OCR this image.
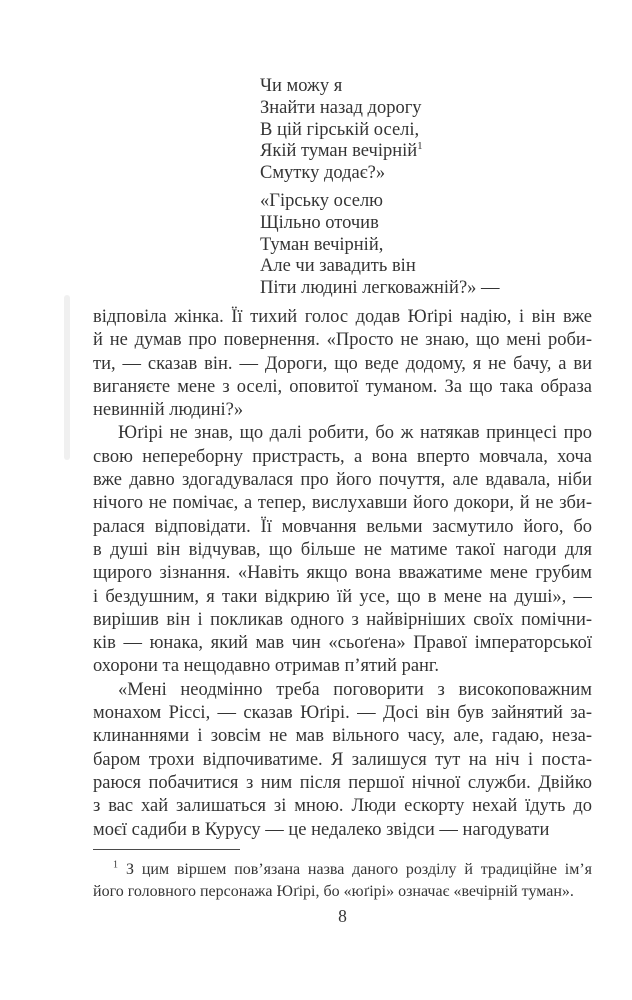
Чи можу я
Знайти назад дорогу
В цій гірській оселі,
Якій туман вечірній$^1$
Смутку додає?»
«Гірську оселю
Щільно оточив
Туман вечірній,
Але чи завадить він
Піти людині легковажній?» —
відповіла жінка. Її тихий голос додав Юґірі надію, і він вже
й не думав про повернення. «Просто не знаю, що мені роби-
ти, — сказав він. — Дороги, що веде додому, я не бачу, а ви
виганяєте мене з оселі, оповитої туманом. За що така образа
невинній людині?»
Юґірі не знав, що далі робити, бо ж натякав принцесі про
свою непереборну пристрасть, а вона вперто мовчала, хоча
вже давно здогадувалася про його почуття, але вдавала, ніби
нічого не помічає, а тепер, вислухавши його докори, й не зби-
ралася відповідати. Її мовчання вельми засмутило його, бо
в душі він відчував, що більше не матиме такої нагоди для
щирого зізнання. «Навіть якщо вона вважатиме мене грубим
і бездушним, я таки відкрию їй усе, що в мене на душі», —
вирішив він і покликав одного з найвірніших своїх помічни-
ків — юнака, який мав чин «сьоґена» Правої імператорської
охорони та нещодавно отримав п’ятий ранг.
«Мені неодмінно треба поговорити з високоповажним
монахом Ріссі, — сказав Юґірі. — Досі він був зайнятий за-
клинаннями і зовсім не мав вільного часу, але, гадаю, неза-
баром трохи відпочиватиме. Я залишуся тут на ніч і поста-
раюся побачитися з ним після першої нічної служби. Двійко
з вас хай залишаться зі мною. Люди ескорту нехай їдуть до
моєї садиби в Курусу — це недалеко звідси — нагодувати
$^1$ З цим віршем пов’язана назва даного розділу й традиційне ім’я
його головного персонажа Юґірі, бо «юґірі» означає «вечірній туман».
8
